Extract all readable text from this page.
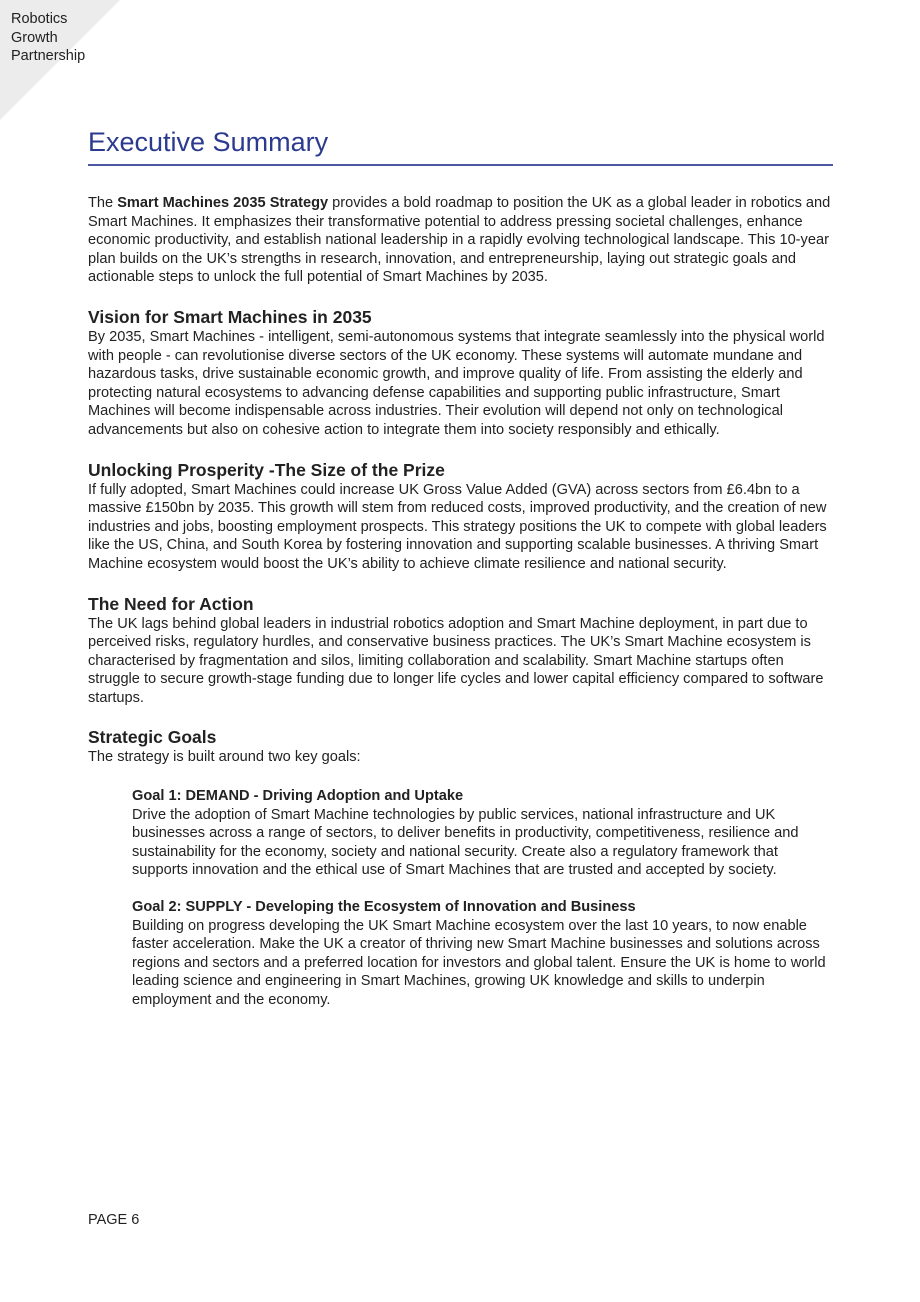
Robotics
Growth
Partnership
Executive Summary

The Smart Machines 2035 Strategy provides a bold roadmap to position the UK as a global leader in robotics and Smart Machines. It emphasizes their transformative potential to address pressing societal challenges, enhance economic productivity, and establish national leadership in a rapidly evolving technological landscape. This 10-year plan builds on the UK’s strengths in research, innovation, and entrepreneurship, laying out strategic goals and actionable steps to unlock the full potential of Smart Machines by 2035.

Vision for Smart Machines in 2035

By 2035, Smart Machines - intelligent, semi-autonomous systems that integrate seamlessly into the physical world with people - can revolutionise diverse sectors of the UK economy. These systems will automate mundane and hazardous tasks, drive sustainable economic growth, and improve quality of life. From assisting the elderly and protecting natural ecosystems to advancing defense capabilities and supporting public infrastructure, Smart Machines will become indispensable across industries. Their evolution will depend not only on technological advancements but also on cohesive action to integrate them into society responsibly and ethically.

Unlocking Prosperity -The Size of the Prize

If fully adopted, Smart Machines could increase UK Gross Value Added (GVA) across sectors from £6.4bn to a massive £150bn by 2035. This growth will stem from reduced costs, improved productivity, and the creation of new industries and jobs, boosting employment prospects. This strategy positions the UK to compete with global leaders like the US, China, and South Korea by fostering innovation and supporting scalable businesses. A thriving Smart Machine ecosystem would boost the UK’s ability to achieve climate resilience and national security.

The Need for Action

The UK lags behind global leaders in industrial robotics adoption and Smart Machine deployment, in part due to perceived risks, regulatory hurdles, and conservative business practices. The UK’s Smart Machine ecosystem is characterised by fragmentation and silos, limiting collaboration and scalability. Smart Machine startups often struggle to secure growth-stage funding due to longer life cycles and lower capital efficiency compared to software startups.

Strategic Goals

The strategy is built around two key goals:

Goal 1: DEMAND - Driving Adoption and Uptake

Drive the adoption of Smart Machine technologies by public services, national infrastructure and UK businesses across a range of sectors, to deliver benefits in productivity, competitiveness, resilience and sustainability for the economy, society and national security. Create also a regulatory framework that supports innovation and the ethical use of Smart Machines that are trusted and accepted by society.

Goal 2: SUPPLY - Developing the Ecosystem of Innovation and Business

Building on progress developing the UK Smart Machine ecosystem over the last 10 years, to now enable faster acceleration. Make the UK a creator of thriving new Smart Machine businesses and solutions across regions and sectors and a preferred location for investors and global talent. Ensure the UK is home to world leading science and engineering in Smart Machines, growing UK knowledge and skills to underpin employment and the economy.

PAGE 6
